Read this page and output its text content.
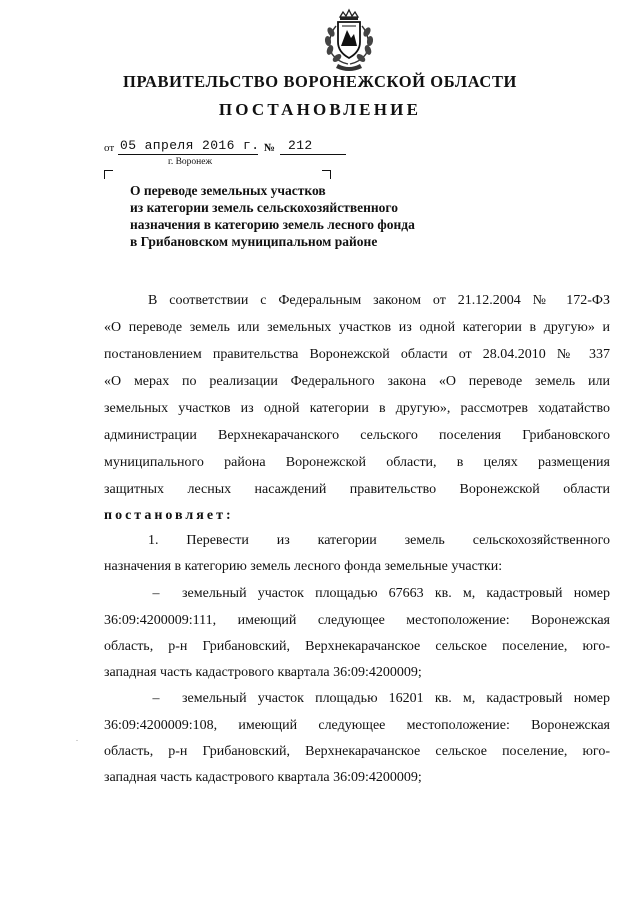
ПРАВИТЕЛЬСТВО ВОРОНЕЖСКОЙ ОБЛАСТИ
ПОСТАНОВЛЕНИЕ
от 05 апреля 2016 г. № 212
г. Воронеж
О переводе земельных участков
из категории земель сельскохозяйственного
назначения в категорию земель лесного фонда
в Грибановском муниципальном районе
В соответствии с Федеральным законом от 21.12.2004 № 172-ФЗ
«О переводе земель или земельных участков из одной категории в другую» и
постановлением правительства Воронежской области от 28.04.2010 № 337
«О мерах по реализации Федерального закона «О переводе земель или
земельных участков из одной категории в другую», рассмотрев ходатайство
администрации Верхнекарачанского сельского поселения Грибановского
муниципального района Воронежской области, в целях размещения
защитных лесных насаждений правительство Воронежской области
постановляет:
1. Перевести из категории земель сельскохозяйственного
назначения в категорию земель лесного фонда земельные участки:
– земельный участок площадью 67663 кв. м, кадастровый номер
36:09:4200009:111, имеющий следующее местоположение: Воронежская
область, р-н Грибановский, Верхнекарачанское сельское поселение, юго-
западная часть кадастрового квартала 36:09:4200009;
– земельный участок площадью 16201 кв. м, кадастровый номер
36:09:4200009:108, имеющий следующее местоположение: Воронежская
область, р-н Грибановский, Верхнекарачанское сельское поселение, юго-
западная часть кадастрового квартала 36:09:4200009;
∙
